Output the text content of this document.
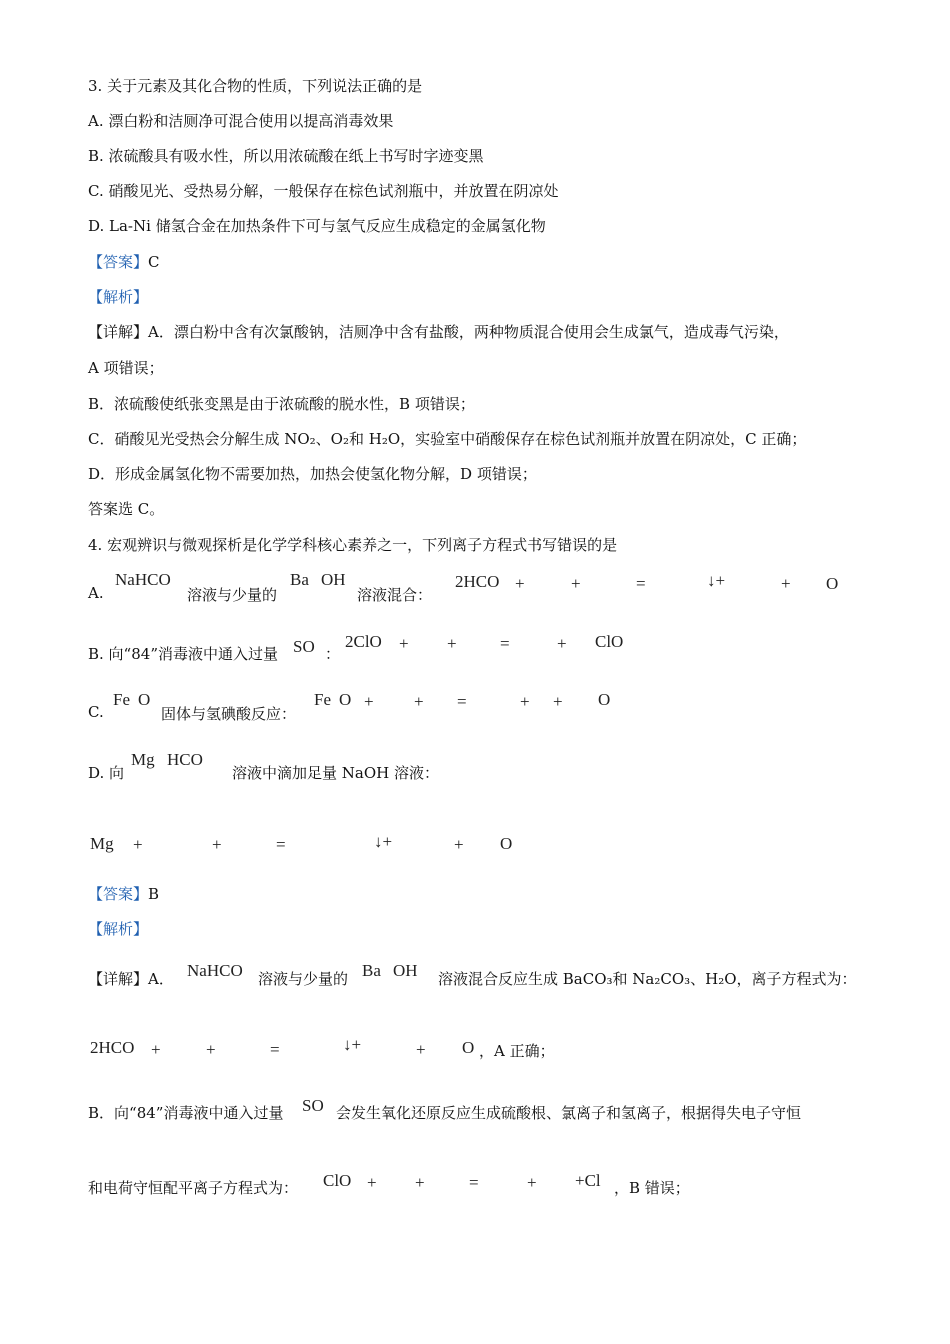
3. 关于元素及其化合物的性质，下列说法正确的是
A. 漂白粉和洁厕净可混合使用以提高消毒效果
B. 浓硫酸具有吸水性，所以用浓硫酸在纸上书写时字迹变黑
C. 硝酸见光、受热易分解，一般保存在棕色试剂瓶中，并放置在阴凉处
D. La-Ni 储氢合金在加热条件下可与氢气反应生成稳定的金属氢化物
【答案】C
【解析】
【详解】A．漂白粉中含有次氯酸钠，洁厕净中含有盐酸，两种物质混合使用会生成氯气，造成毒气污染，
A 项错误；
B．浓硫酸使纸张变黑是由于浓硫酸的脱水性，B 项错误；
C．硝酸见光受热会分解生成 NO₂、O₂和 H₂O，实验室中硝酸保存在棕色试剂瓶并放置在阴凉处，C 正确；
D．形成金属氢化物不需要加热，加热会使氢化物分解，D 项错误；
答案选 C。
4. 宏观辨识与微观探析是化学学科核心素养之一，下列离子方程式书写错误的是
A.
NaHCO
溶液与少量的
Ba OH
溶液混合：
2HCO +	+	=	↓+	+ O
B. 向“84”消毒液中通入过量 SO ：
2ClO + +	=	+ ClO
C.
Fe O
固体与氢碘酸反应：
Fe O + + =	+ + O
D. 向
Mg HCO
溶液中滴加足量 NaOH 溶液：
Mg +	+	=	↓+	+ O
【答案】B
【解析】
【详解】A． NaHCO 溶液与少量的 Ba OH 溶液混合反应生成 BaCO₃和 Na₂CO₃、H₂O，离子方程式为：
2HCO +	+	=	↓+	+ O ，A 正确；
B．向“84”消毒液中通入过量 SO 会发生氧化还原反应生成硫酸根、氯离子和氢离子，根据得失电子守恒
和电荷守恒配平离子方程式为： ClO + +	=	+ +Cl ，B 错误；
